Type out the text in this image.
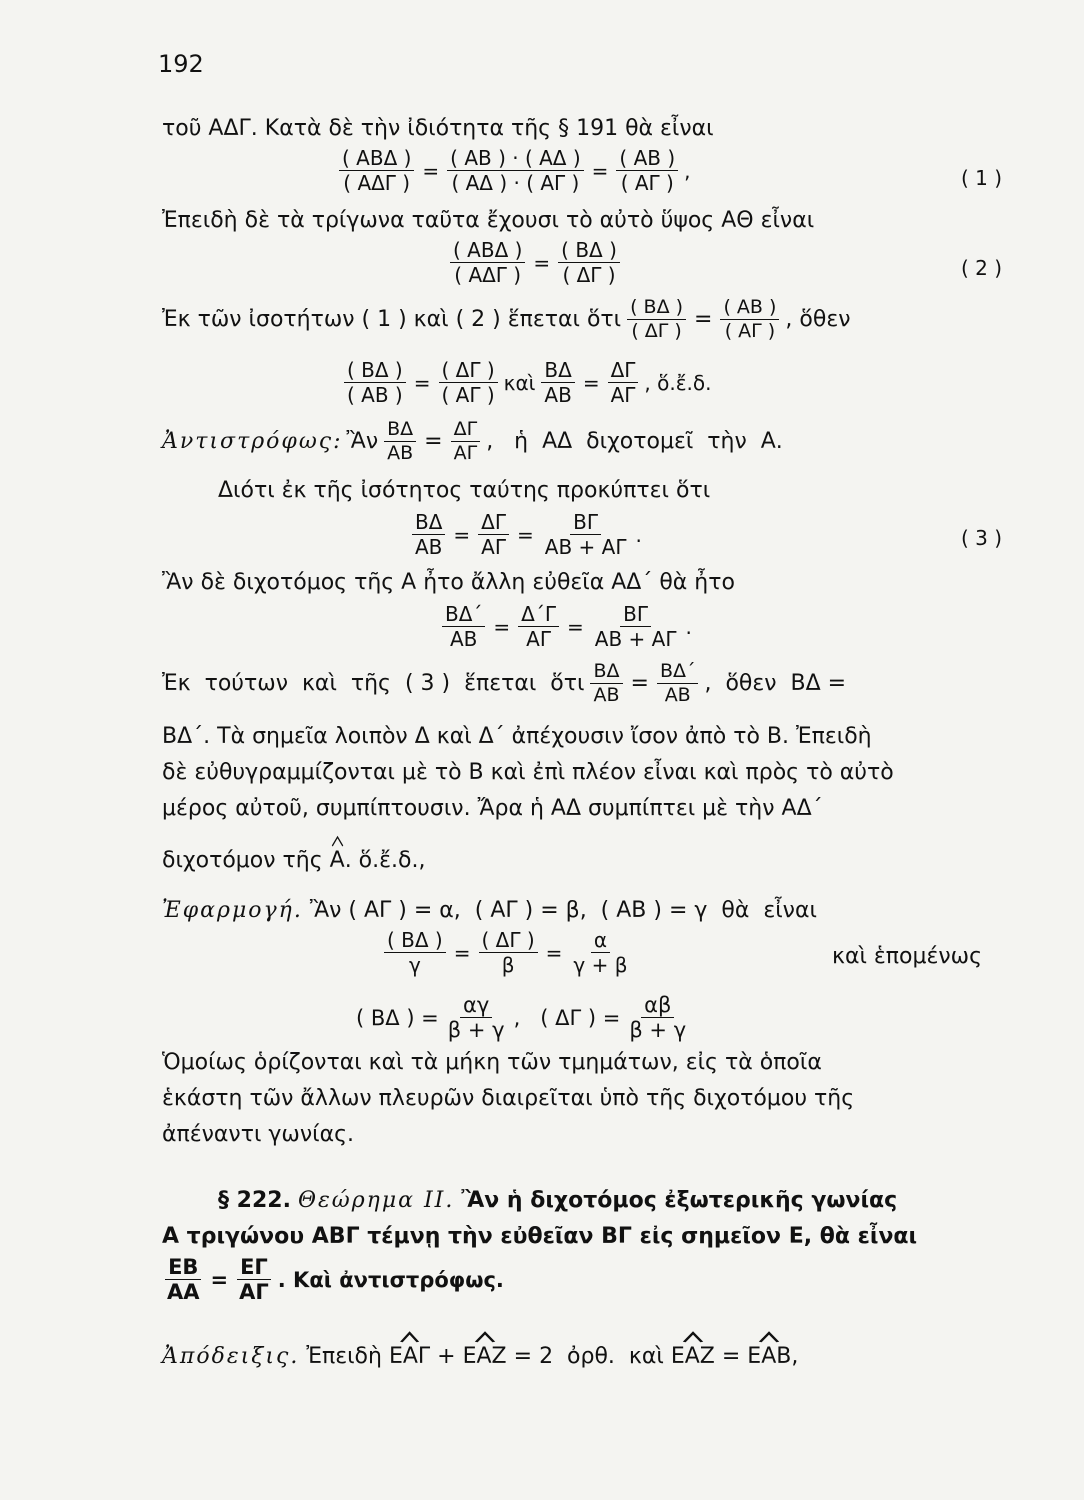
192
τοῦ ΑΔΓ. Κατὰ δὲ τὴν ἰδιότητα τῆς § 191 θὰ εἶναι
$\frac{\text{( ΑΒΔ )}}{\text{( ΑΔΓ )}} = \frac{( AB ) \cdot ( A\Delta )}{( A\Delta ) \cdot ( A\Gamma )} = \frac{( AB )}{( A\Gamma )}$ ,	( 1 )
Ἐπειδὴ δὲ τὰ τρίγωνα ταῦτα ἔχουσι τὸ αὐτὸ ὕψος ΑΘ εἶναι
$\frac{\text{( ΑΒΔ )}}{\text{( ΑΔΓ )}} = \frac{( B\Delta )}{( \Delta\Gamma )}$	( 2 )
Ἐκ τῶν ἰσοτήτων ( 1 ) καὶ ( 2 ) ἕπεται ὅτι $\frac{( B\Delta )}{( \Delta\Gamma )} = \frac{( AB )}{( A\Gamma )}$ , ὅθεν
$\frac{( B\Delta )}{( AB )} = \frac{( \Delta\Gamma )}{( A\Gamma )}$ καὶ $\frac{B\Delta}{AB} = \frac{\Delta\Gamma}{A\Gamma}$ , ὅ.ἔ.δ.
Ἀντιστρόφως: Ἂν $\frac{B\Delta}{AB} = \frac{\Delta\Gamma}{A\Gamma}$ ,   ἡ  ΑΔ  διχοτομεῖ  τὴν  Α.
Διότι ἐκ τῆς ἰσότητος ταύτης προκύπτει ὅτι
$\frac{B\Delta}{AB} = \frac{\Delta\Gamma}{A\Gamma} = \frac{B\Gamma}{AB + A\Gamma}$ .	( 3 )
Ἂν δὲ διχοτόμος τῆς Α ἦτο ἄλλη εὐθεῖα ΑΔ΄ θὰ ἦτο
$\frac{B\Delta΄}{AB} = \frac{\Delta΄\Gamma}{A\Gamma} = \frac{B\Gamma}{AB + A\Gamma}$ .
Ἐκ  τούτων  καὶ  τῆς  ( 3 )  ἕπεται  ὅτι $\frac{B\Delta}{AB} = \frac{B\Delta΄}{AB}$ ,  ὅθεν  ΒΔ =
ΒΔ΄. Τὰ σημεῖα λοιπὸν Δ καὶ Δ΄ ἀπέχουσιν ἴσον ἀπὸ τὸ Β. Ἐπειδὴ
δὲ εὐθυγραμμίζονται μὲ τὸ Β καὶ ἐπὶ πλέον εἶναι καὶ πρὸς τὸ αὐτὸ
μέρος αὐτοῦ, συμπίπτουσιν. Ἄρα ἡ ΑΔ συμπίπτει μὲ τὴν ΑΔ΄
διχοτόμον τῆς Α. ὅ.ἔ.δ.,
Ἐφαρμογή. Ἂν ( ΑΓ ) = α,  ( ΑΓ ) = β,  ( ΑΒ ) = γ  θὰ  εἶναι
$\frac{( B\Delta )}{\gamma} = \frac{( \Delta\Gamma )}{\beta} = \frac{\alpha}{\gamma + \beta}$	καὶ ἑπομένως
( ΒΔ ) = $\frac{\alpha\gamma}{\beta + \gamma}$ ,   ( ΔΓ ) = $\frac{\alpha\beta}{\beta + \gamma}$
Ὁμοίως ὁρίζονται καὶ τὰ μήκη τῶν τμημάτων, εἰς τὰ ὁποῖα
ἑκάστη τῶν ἄλλων πλευρῶν διαιρεῖται ὑπὸ τῆς διχοτόμου τῆς
ἀπέναντι γωνίας.
§ 222. Θεώρημα ΙΙ. Ἂν ἡ διχοτόμος ἐξωτερικῆς γωνίας
Α τριγώνου ΑΒΓ τέμνῃ τὴν εὐθεῖαν ΒΓ εἰς σημεῖον Ε, θὰ εἶναι
$\frac{EB}{AA} = \frac{E\Gamma}{A\Gamma}$ . Καὶ ἀντιστρόφως.
Ἀπόδειξις. Ἐπειδὴ ΕΑΓ + ΕΑΖ = 2  ὀρθ.  καὶ ΕΑΖ = ΕΑΒ,
